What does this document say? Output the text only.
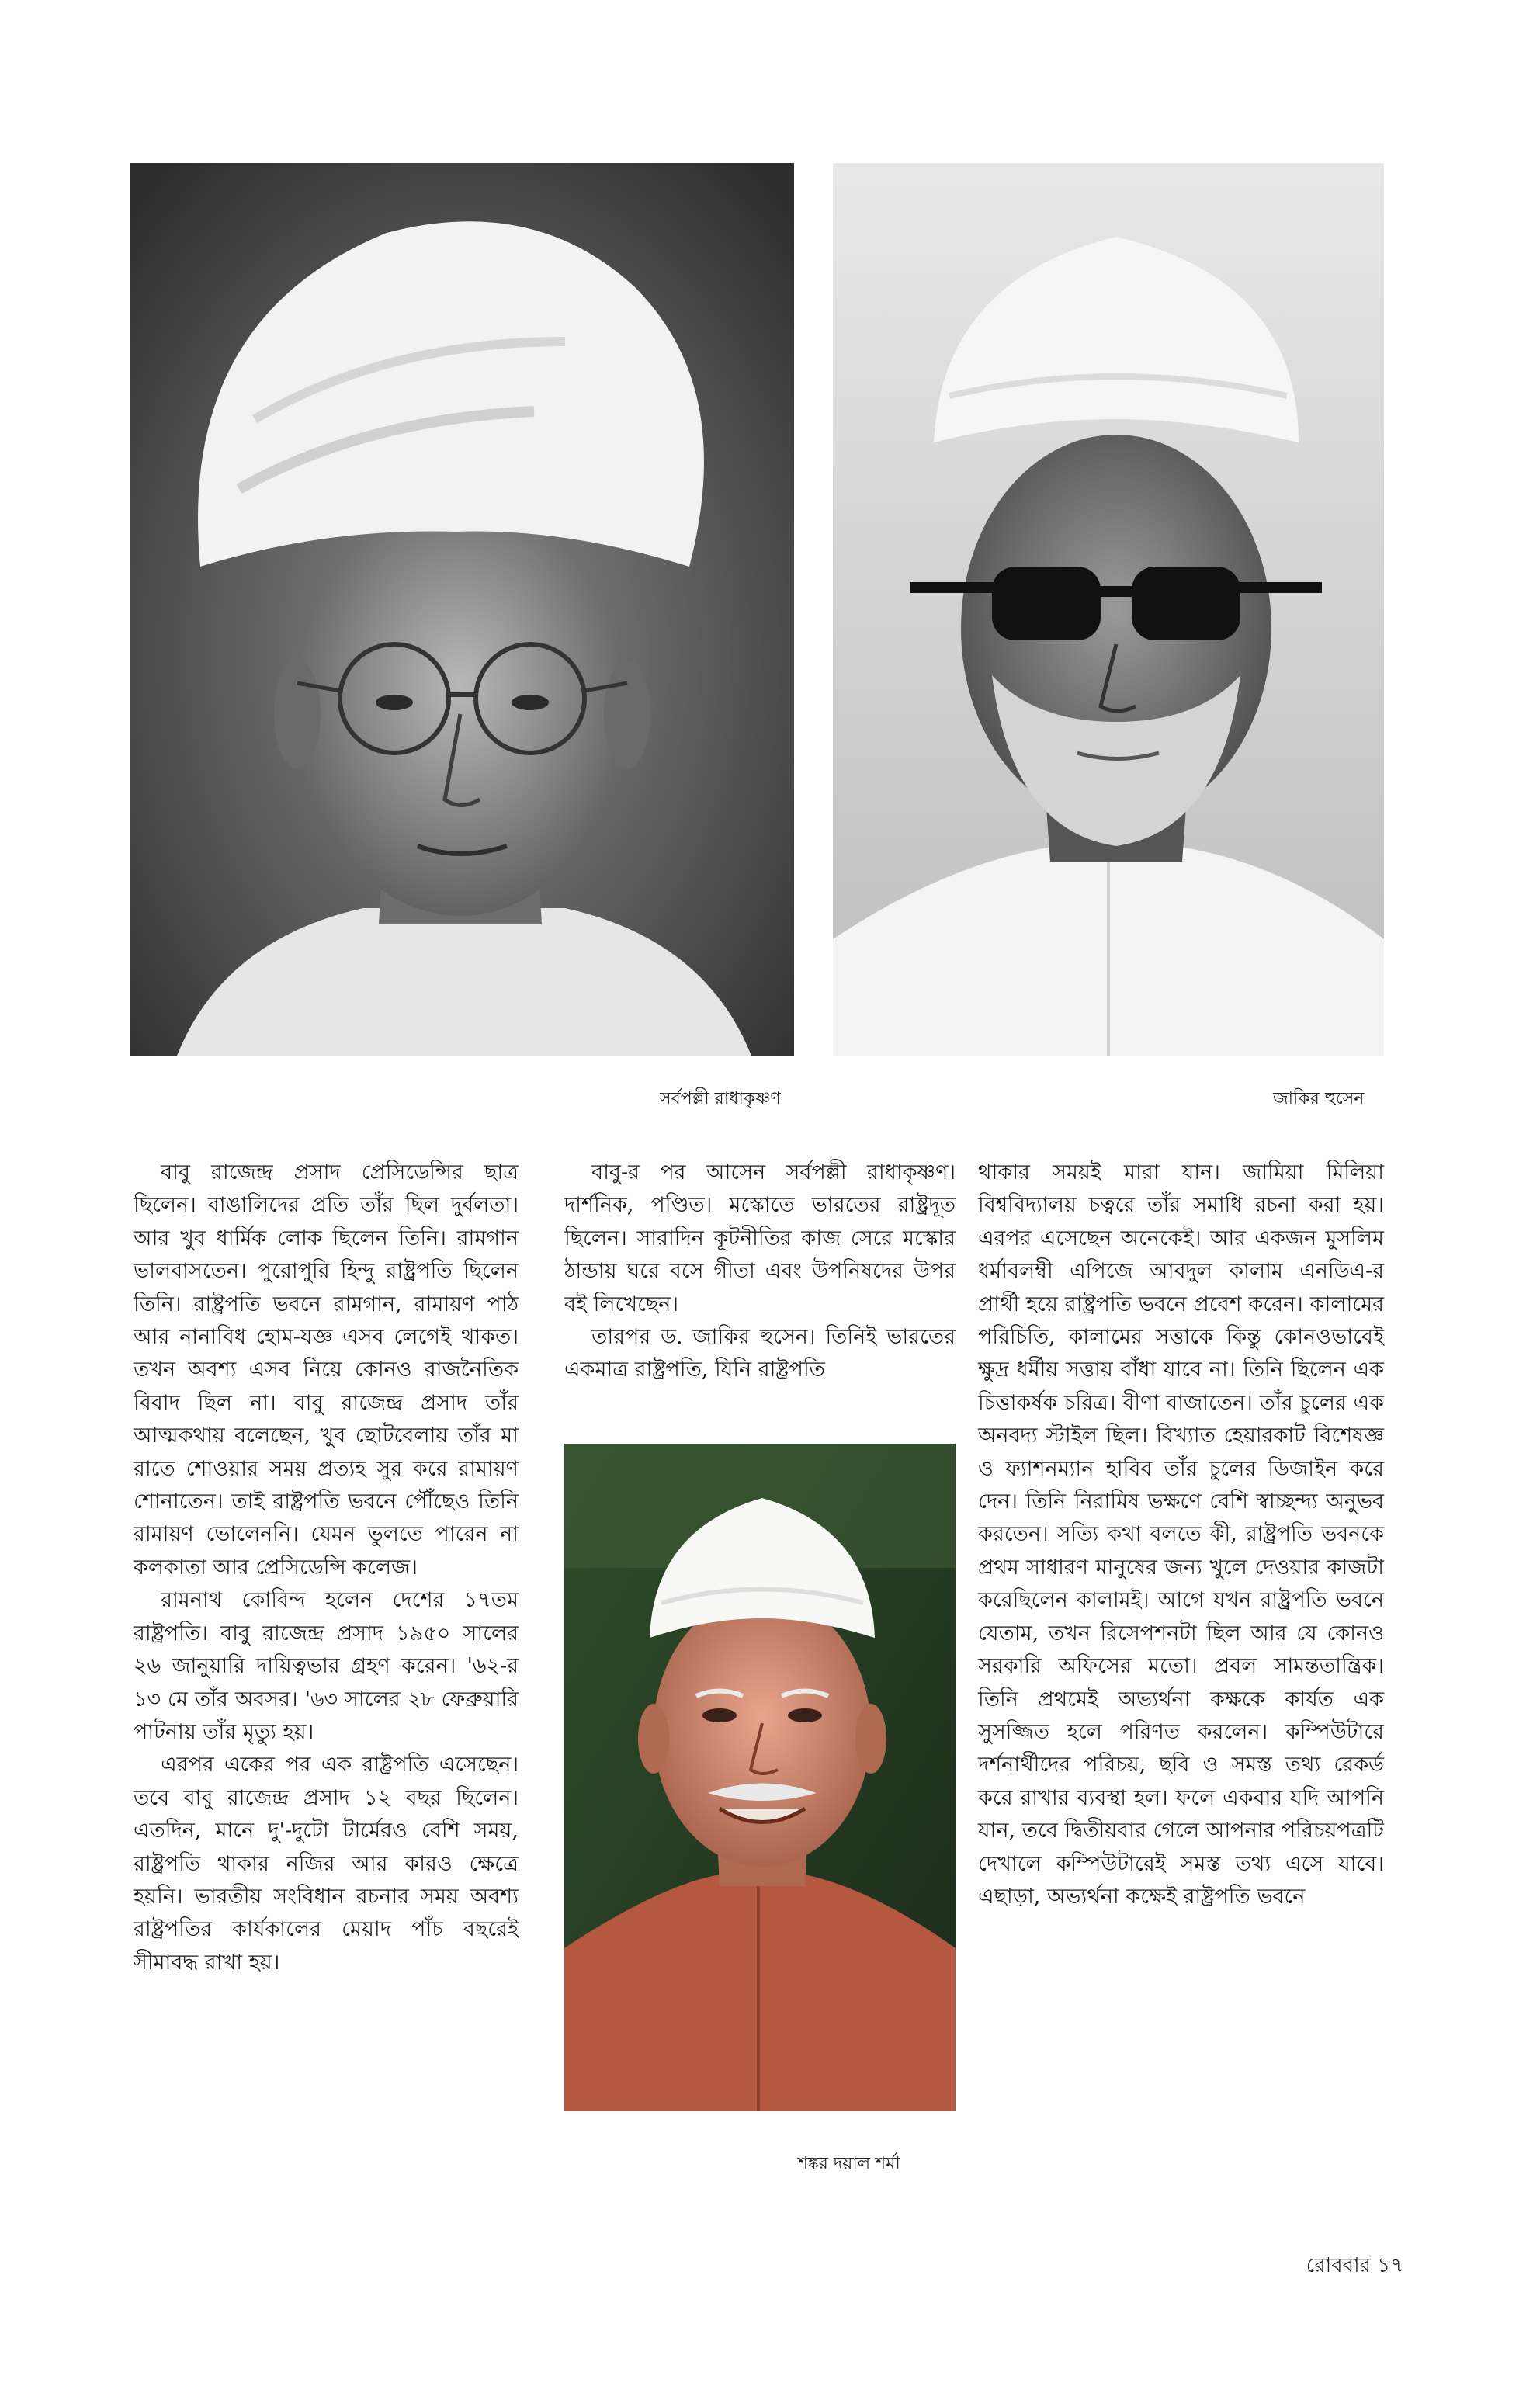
সর্বপল্লী রাধাকৃষ্ণণ	জাকির হুসেন
শঙ্কর দয়াল শর্মা

বাবু রাজেন্দ্র প্রসাদ প্রেসিডেন্সির ছাত্র ছিলেন। বাঙালিদের প্রতি তাঁর ছিল দুর্বলতা। আর খুব ধার্মিক লোক ছিলেন তিনি। রামগান ভালবাসতেন। পুরোপুরি হিন্দু রাষ্ট্রপতি ছিলেন তিনি। রাষ্ট্রপতি ভবনে রামগান, রামায়ণ পাঠ আর নানাবিধ হোম-যজ্ঞ এসব লেগেই থাকত। তখন অবশ্য এসব নিয়ে কোনও রাজনৈতিক বিবাদ ছিল না। বাবু রাজেন্দ্র প্রসাদ তাঁর আত্মকথায় বলেছেন, খুব ছোটবেলায় তাঁর মা রাতে শোওয়ার সময় প্রত্যহ সুর করে রামায়ণ শোনাতেন। তাই রাষ্ট্রপতি ভবনে পৌঁছেও তিনি রামায়ণ ভোলেননি। যেমন ভুলতে পারেন না কলকাতা আর প্রেসিডেন্সি কলেজ।

রামনাথ কোবিন্দ হলেন দেশের ১৭তম রাষ্ট্রপতি। বাবু রাজেন্দ্র প্রসাদ ১৯৫০ সালের ২৬ জানুয়ারি দায়িত্বভার গ্রহণ করেন। '৬২-র ১৩ মে তাঁর অবসর। '৬৩ সালের ২৮ ফেব্রুয়ারি পাটনায় তাঁর মৃত্যু হয়।

এরপর একের পর এক রাষ্ট্রপতি এসেছেন। তবে বাবু রাজেন্দ্র প্রসাদ ১২ বছর ছিলেন। এতদিন, মানে দু'-দুটো টার্মেরও বেশি সময়, রাষ্ট্রপতি থাকার নজির আর কারও ক্ষেত্রে হয়নি। ভারতীয় সংবিধান রচনার সময় অবশ্য রাষ্ট্রপতির কার্যকালের মেয়াদ পাঁচ বছরেই সীমাবদ্ধ রাখা হয়।

বাবু-র পর আসেন সর্বপল্লী রাধাকৃষ্ণণ। দার্শনিক, পণ্ডিত। মস্কোতে ভারতের রাষ্ট্রদূত ছিলেন। সারাদিন কূটনীতির কাজ সেরে মস্কোর ঠান্ডায় ঘরে বসে গীতা এবং উপনিষদের উপর বই লিখেছেন।

তারপর ড. জাকির হুসেন। তিনিই ভারতের একমাত্র রাষ্ট্রপতি, যিনি রাষ্ট্রপতি

থাকার সময়ই মারা যান। জামিয়া মিলিয়া বিশ্ববিদ্যালয় চত্বরে তাঁর সমাধি রচনা করা হয়। এরপর এসেছেন অনেকেই। আর একজন মুসলিম ধর্মাবলম্বী এপিজে আবদুল কালাম এনডিএ-র প্রার্থী হয়ে রাষ্ট্রপতি ভবনে প্রবেশ করেন। কালামের পরিচিতি, কালামের সত্তাকে কিন্তু কোনওভাবেই ক্ষুদ্র ধর্মীয় সত্তায় বাঁধা যাবে না। তিনি ছিলেন এক চিত্তাকর্ষক চরিত্র। বীণা বাজাতেন। তাঁর চুলের এক অনবদ্য স্টাইল ছিল। বিখ্যাত হেয়ারকাট বিশেষজ্ঞ ও ফ্যাশনম্যান হাবিব তাঁর চুলের ডিজাইন করে দেন। তিনি নিরামিষ ভক্ষণে বেশি স্বাচ্ছন্দ্য অনুভব করতেন। সত্যি কথা বলতে কী, রাষ্ট্রপতি ভবনকে প্রথম সাধারণ মানুষের জন্য খুলে দেওয়ার কাজটা করেছিলেন কালামই। আগে যখন রাষ্ট্রপতি ভবনে যেতাম, তখন রিসেপশনটা ছিল আর যে কোনও সরকারি অফিসের মতো। প্রবল সামন্ততান্ত্রিক। তিনি প্রথমেই অভ্যর্থনা কক্ষকে কার্যত এক সুসজ্জিত হলে পরিণত করলেন। কম্পিউটারে দর্শনার্থীদের পরিচয়, ছবি ও সমস্ত তথ্য রেকর্ড করে রাখার ব্যবস্থা হল। ফলে একবার যদি আপনি যান, তবে দ্বিতীয়বার গেলে আপনার পরিচয়পত্রটি দেখালে কম্পিউটারেই সমস্ত তথ্য এসে যাবে। এছাড়া, অভ্যর্থনা কক্ষেই রাষ্ট্রপতি ভবনে

রোববার ১৭
